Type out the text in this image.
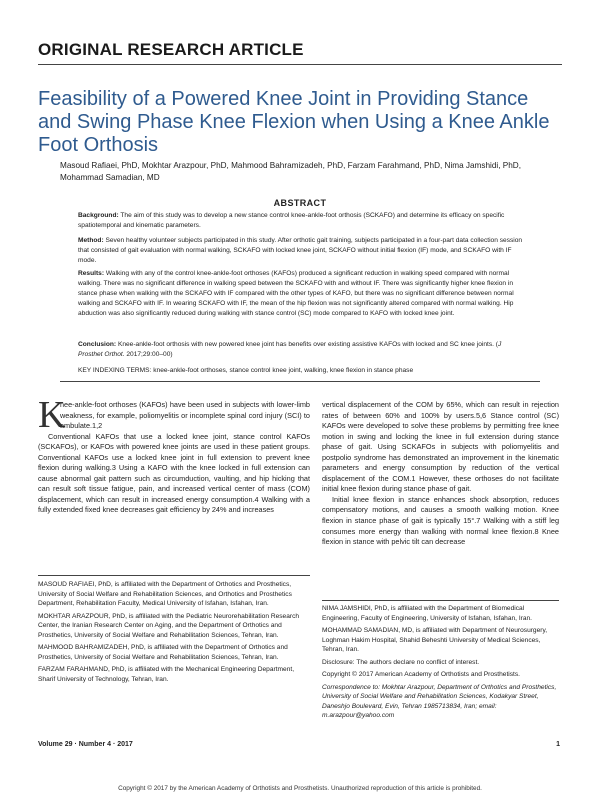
ORIGINAL RESEARCH ARTICLE
Feasibility of a Powered Knee Joint in Providing Stance and Swing Phase Knee Flexion when Using a Knee Ankle Foot Orthosis
Masoud Rafiaei, PhD, Mokhtar Arazpour, PhD, Mahmood Bahramizadeh, PhD, Farzam Farahmand, PhD, Nima Jamshidi, PhD, Mohammad Samadian, MD
ABSTRACT
Background: The aim of this study was to develop a new stance control knee-ankle-foot orthosis (SCKAFO) and determine its efficacy on specific spatiotemporal and kinematic parameters.
Method: Seven healthy volunteer subjects participated in this study. After orthotic gait training, subjects participated in a four-part data collection session that consisted of gait evaluation with normal walking, SCKAFO with locked knee joint, SCKAFO without initial flexion (IF) mode, and SCKAFO with IF mode.
Results: Walking with any of the control knee-ankle-foot orthoses (KAFOs) produced a significant reduction in walking speed compared with normal walking. There was no significant difference in walking speed between the SCKAFO with and without IF. There was significantly higher knee flexion in stance phase when walking with the SCKAFO with IF compared with the other types of KAFO, but there was no significant difference between normal walking and SCKAFO with IF. In wearing SCKAFO with IF, the mean of the hip flexion was not significantly altered compared with normal walking. Hip abduction was also significantly reduced during walking with stance control (SC) mode compared to KAFO with locked knee joint.
Conclusion: Knee-ankle-foot orthosis with new powered knee joint has benefits over existing assistive KAFOs with locked and SC knee joints. (J Prosthet Orthot. 2017;29:00–00)
KEY INDEXING TERMS: knee-ankle-foot orthoses, stance control knee joint, walking, knee flexion in stance phase
K

nee-ankle-foot orthoses (KAFOs) have been used in subjects with lower-limb weakness, for example, poliomyelitis or incomplete spinal cord injury (SCI) to ambulate.1,2

Conventional KAFOs that use a locked knee joint, stance control KAFOs (SCKAFOs), or KAFOs with powered knee joints are used in these patient groups. Conventional KAFOs use a locked knee joint in full extension to prevent knee flexion during walking.3 Using a KAFO with the knee locked in full extension can cause abnormal gait pattern such as circumduction, vaulting, and hip hicking that can result soft tissue fatigue, pain, and increased vertical center of mass (COM) displacement, which can result in increased energy consumption.4 Walking with a fully extended fixed knee decreases gait efficiency by 24% and increases

vertical displacement of the COM by 65%, which can result in rejection rates of between 60% and 100% by users.5,6 Stance control (SC) KAFOs were developed to solve these problems by permitting free knee motion in swing and locking the knee in full extension during stance phase of gait. Using SCKAFOs in subjects with poliomyelitis and postpolio syndrome has demonstrated an improvement in the kinematic parameters and energy consumption by reduction of the vertical displacement of the COM.1 However, these orthoses do not facilitate initial knee flexion during stance phase of gait.

Initial knee flexion in stance enhances shock absorption, reduces compensatory motions, and causes a smooth walking motion. Knee flexion in stance phase of gait is typically 15°.7 Walking with a stiff leg consumes more energy than walking with normal knee flexion.8 Knee flexion in stance with pelvic tilt can decrease

MASOUD RAFIAEI, PhD, is affiliated with the Department of Orthotics and Prosthetics, University of Social Welfare and Rehabilitation Sciences, and Orthotics and Prosthetics Department, Rehabilitation Faculty, Medical University of Isfahan, Isfahan, Iran.

MOKHTAR ARAZPOUR, PhD, is affiliated with the Pediatric Neurorehabilitation Research Center, the Iranian Research Center on Aging, and the Department of Orthotics and Prosthetics, University of Social Welfare and Rehabilitation Sciences, Tehran, Iran.

MAHMOOD BAHRAMIZADEH, PhD, is affiliated with the Department of Orthotics and Prosthetics, University of Social Welfare and Rehabilitation Sciences, Tehran, Iran.

FARZAM FARAHMAND, PhD, is affiliated with the Mechanical Engineering Department, Sharif University of Technology, Tehran, Iran.

NIMA JAMSHIDI, PhD, is affiliated with the Department of Biomedical Engineering, Faculty of Engineering, University of Isfahan, Isfahan, Iran.

MOHAMMAD SAMADIAN, MD, is affiliated with Department of Neurosurgery, Loghman Hakim Hospital, Shahid Beheshti University of Medical Sciences, Tehran, Iran.

Disclosure: The authors declare no conflict of interest.

Copyright © 2017 American Academy of Orthotists and Prosthetists.

Correspondence to: Mokhtar Arazpour, Department of Orthotics and Prosthetics, University of Social Welfare and Rehabilitation Sciences, Kodakyar Street, Daneshjo Boulevard, Evin, Tehran 1985713834, Iran; email: m.arazpour@yahoo.com

Volume 29 · Number 4 · 2017	1
Copyright © 2017 by the American Academy of Orthotists and Prosthetists. Unauthorized reproduction of this article is prohibited.
